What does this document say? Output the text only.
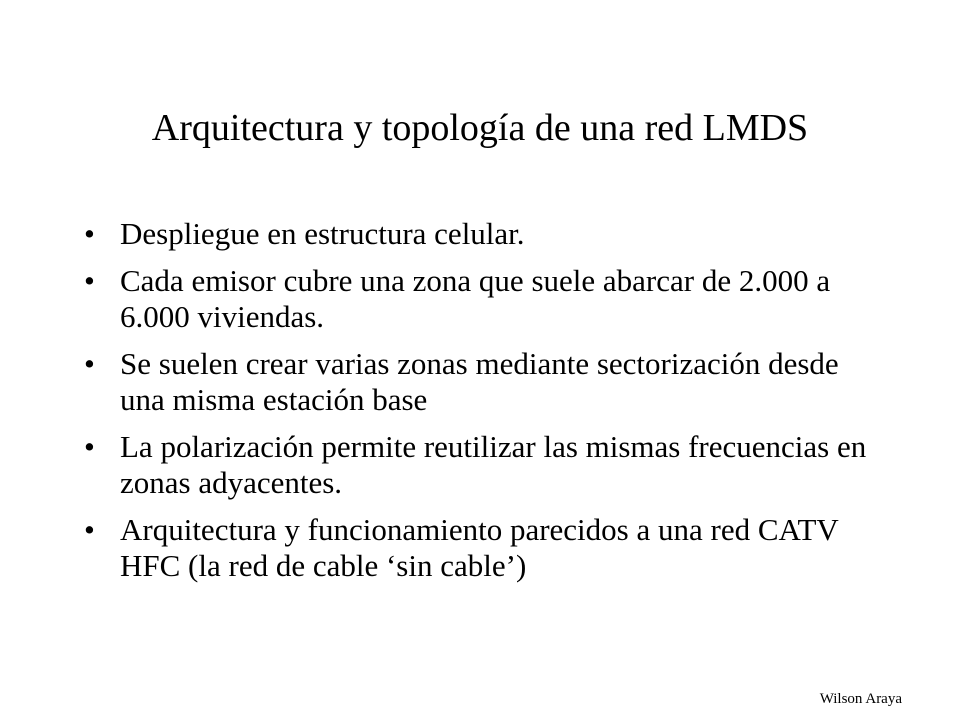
Arquitectura y topología de una red LMDS
• Despliegue en estructura celular.
• Cada emisor cubre una zona que suele abarcar de 2.000 a 6.000 viviendas.
• Se suelen crear varias zonas mediante sectorización desde una misma estación base
• La polarización permite reutilizar las mismas frecuencias en zonas adyacentes.
• Arquitectura y funcionamiento parecidos a una red CATV HFC (la red de cable ‘sin cable’)
Wilson Araya
